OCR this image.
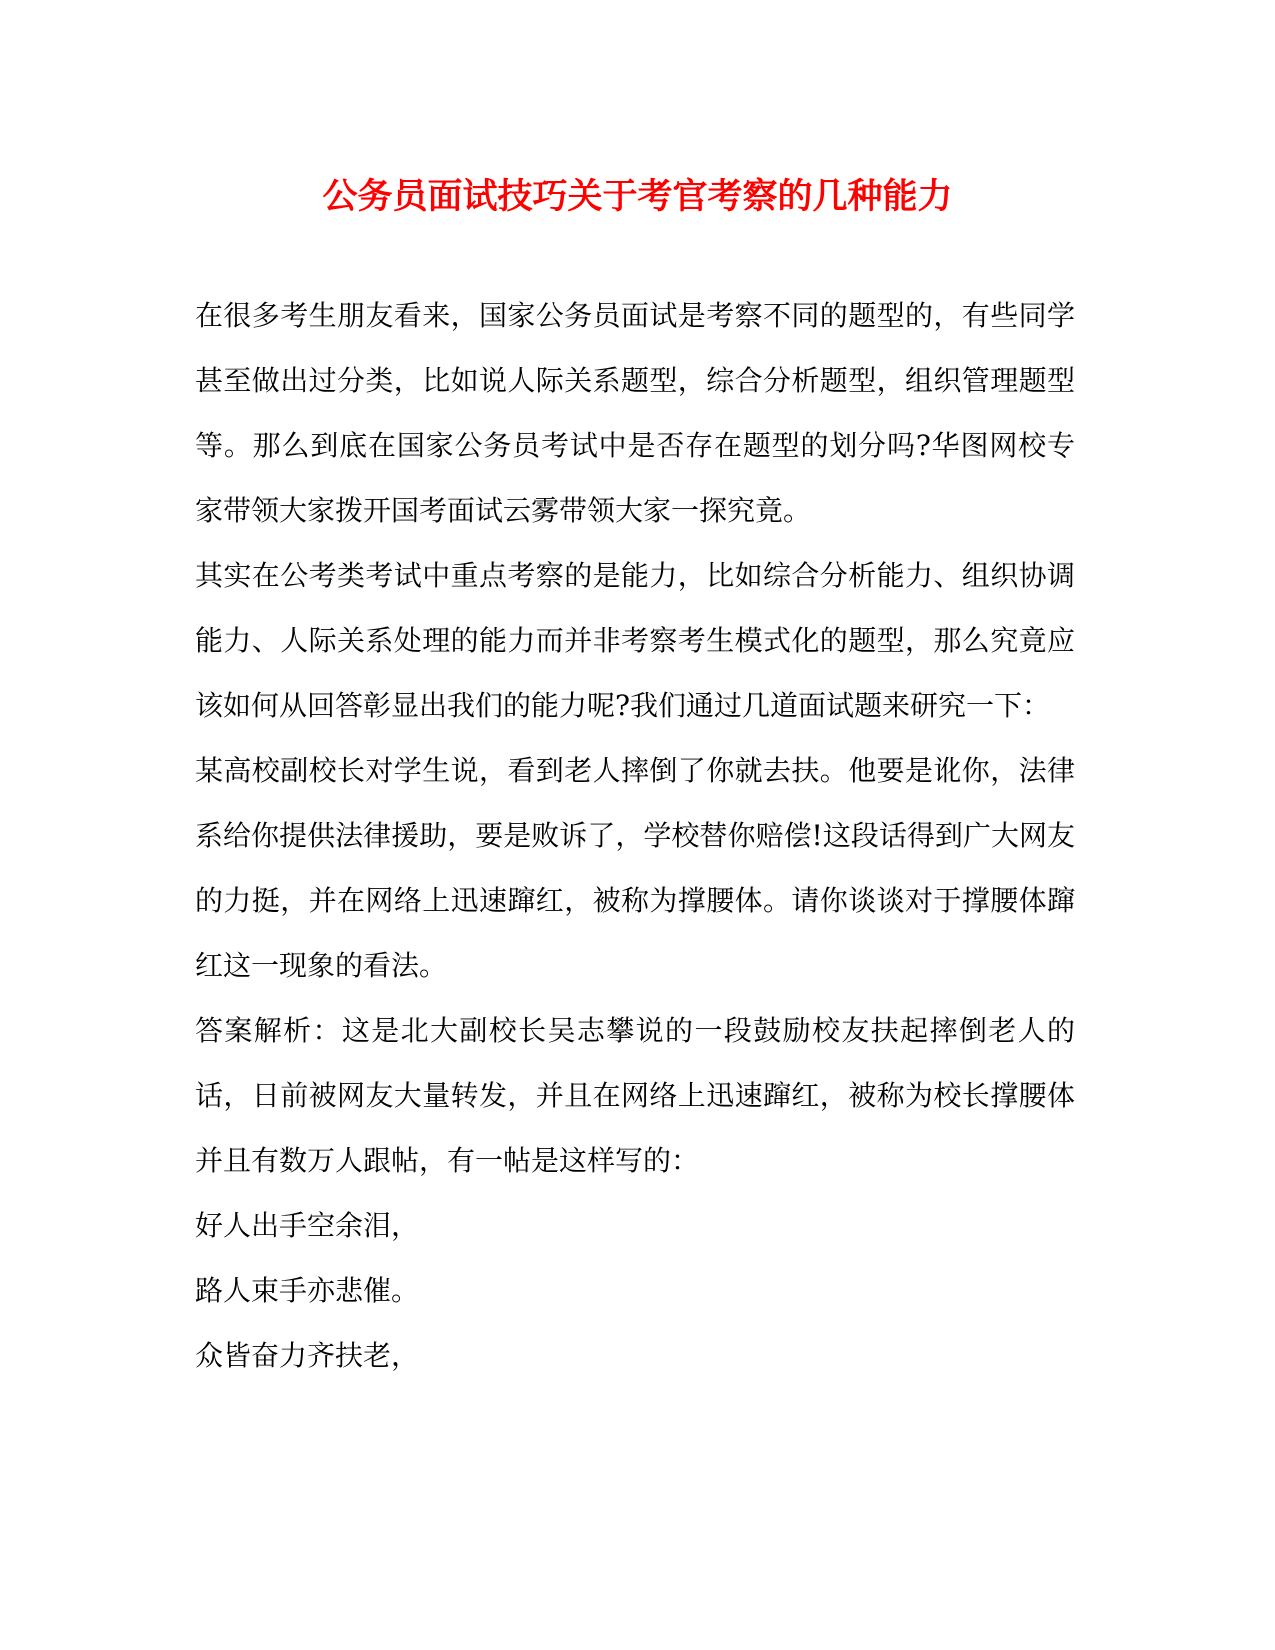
公务员面试技巧关于考官考察的几种能力

在很多考生朋友看来，国家公务员面试是考察不同的题型的，有些同学甚至做出过分类，比如说人际关系题型，综合分析题型，组织管理题型等。那么到底在国家公务员考试中是否存在题型的划分吗?华图网校专家带领大家拨开国考面试云雾带领大家一探究竟。

其实在公考类考试中重点考察的是能力，比如综合分析能力、组织协调能力、人际关系处理的能力而并非考察考生模式化的题型，那么究竟应该如何从回答彰显出我们的能力呢?我们通过几道面试题来研究一下：

某高校副校长对学生说，看到老人摔倒了你就去扶。他要是讹你，法律系给你提供法律援助，要是败诉了，学校替你赔偿!这段话得到广大网友的力挺，并在网络上迅速蹿红，被称为撑腰体。请你谈谈对于撑腰体蹿红这一现象的看法。

答案解析：这是北大副校长吴志攀说的一段鼓励校友扶起摔倒老人的话，日前被网友大量转发，并且在网络上迅速蹿红，被称为校长撑腰体并且有数万人跟帖，有一帖是这样写的：

好人出手空余泪，

路人束手亦悲催。

众皆奋力齐扶老，
